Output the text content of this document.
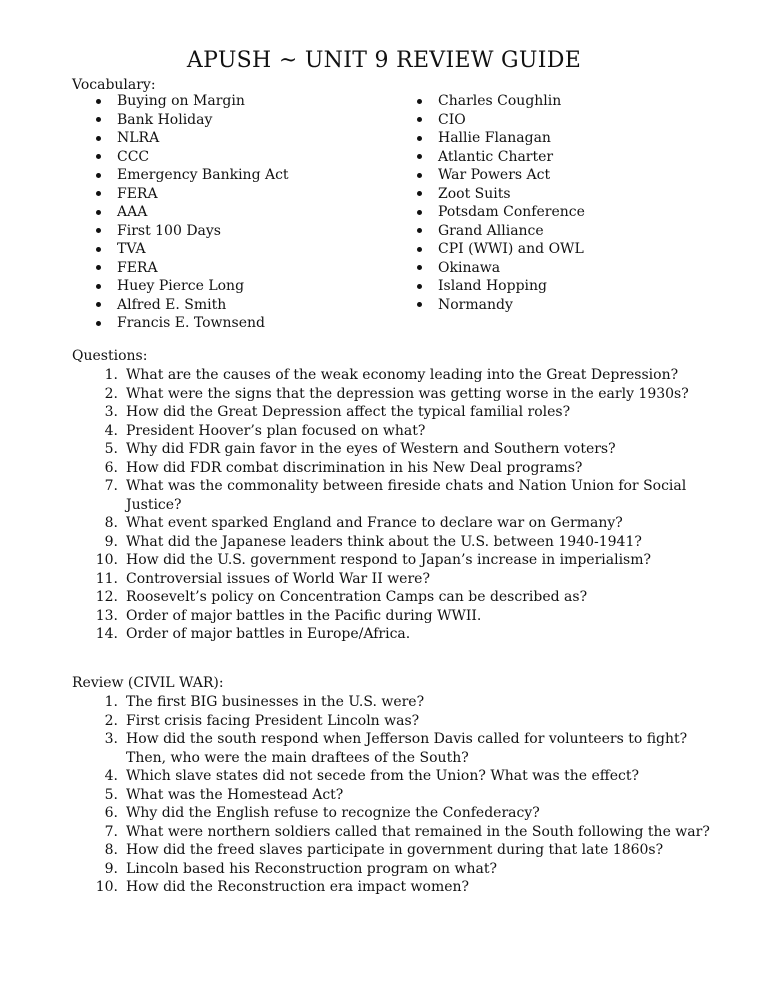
APUSH ~ UNIT 9 REVIEW GUIDE
Vocabulary:
Buying on Margin
Bank Holiday
NLRA
CCC
Emergency Banking Act
FERA
AAA
First 100 Days
TVA
FERA
Huey Pierce Long
Alfred E. Smith
Francis E. Townsend
Charles Coughlin
CIO
Hallie Flanagan
Atlantic Charter
War Powers Act
Zoot Suits
Potsdam Conference
Grand Alliance
CPI (WWI) and OWL
Okinawa
Island Hopping
Normandy
Questions:
1. What are the causes of the weak economy leading into the Great Depression?
2. What were the signs that the depression was getting worse in the early 1930s?
3. How did the Great Depression affect the typical familial roles?
4. President Hoover’s plan focused on what?
5. Why did FDR gain favor in the eyes of Western and Southern voters?
6. How did FDR combat discrimination in his New Deal programs?
7. What was the commonality between fireside chats and Nation Union for Social Justice?
8. What event sparked England and France to declare war on Germany?
9. What did the Japanese leaders think about the U.S. between 1940-1941?
10. How did the U.S. government respond to Japan’s increase in imperialism?
11. Controversial issues of World War II were?
12. Roosevelt’s policy on Concentration Camps can be described as?
13. Order of major battles in the Pacific during WWII.
14. Order of major battles in Europe/Africa.
Review (CIVIL WAR):
1. The first BIG businesses in the U.S. were?
2. First crisis facing President Lincoln was?
3. How did the south respond when Jefferson Davis called for volunteers to fight? Then, who were the main draftees of the South?
4. Which slave states did not secede from the Union? What was the effect?
5. What was the Homestead Act?
6. Why did the English refuse to recognize the Confederacy?
7. What were northern soldiers called that remained in the South following the war?
8. How did the freed slaves participate in government during that late 1860s?
9. Lincoln based his Reconstruction program on what?
10. How did the Reconstruction era impact women?
